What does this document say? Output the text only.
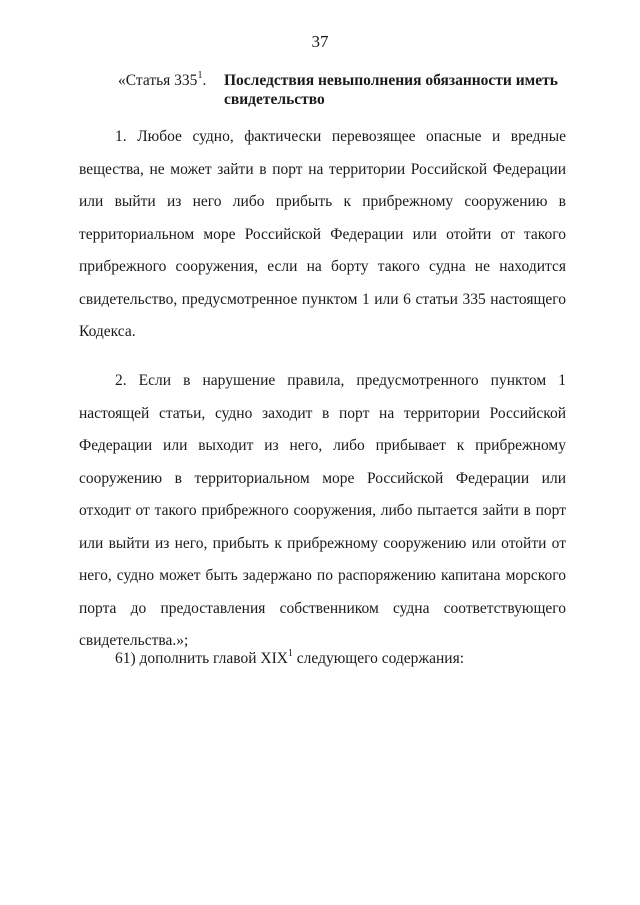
37
«Статья $335^1$. Последствия невыполнения обязанности иметь свидетельство

1. Любое судно, фактически перевозящее опасные и вредные вещества, не может зайти в порт на территории Российской Федерации или выйти из него либо прибыть к прибрежному сооружению в территориальном море Российской Федерации или отойти от такого прибрежного сооружения, если на борту такого судна не находится свидетельство, предусмотренное пунктом 1 или 6 статьи 335 настоящего Кодекса.

2. Если в нарушение правила, предусмотренного пунктом 1 настоящей статьи, судно заходит в порт на территории Российской Федерации или выходит из него, либо прибывает к прибрежному сооружению в территориальном море Российской Федерации или отходит от такого прибрежного сооружения, либо пытается зайти в порт или выйти из него, прибыть к прибрежному сооружению или отойти от него, судно может быть задержано по распоряжению капитана морского порта до предоставления собственником судна соответствующего свидетельства.»;

61) дополнить главой XIX$^1$ следующего содержания:
